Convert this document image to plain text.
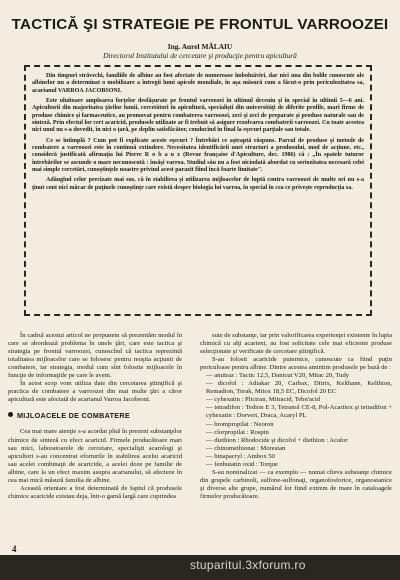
TACTICĂ ŞI STRATEGIE PE FRONTUL VARROOZEI
Ing. Aurel MĂLAIU
Directorul Institutului de cercetare şi producţie pentru apicultură

Din timpuri străvechi, familiile de albine au fost afectate de numeroase îmbolnăviri, dar nici una din bolile cunoscute ale albinelor nu a determinat o mobilizare a întregii lumi apicole mondiale, în aşa măsură cum a făcut-o prin periculozitatea sa, acarianul VARROA JACOBSONI.

Este uluitoare amploarea forţelor desfăşurate pe frontul varroozei în ultimul deceniu şi în special în ultimii 5—6 ani. Apicultorii din majoritatea ţărilor lumii, cercetători în apicultură, specialişti din universităţi de diferite profile, mari firme de produse chimice şi farmaceutice, au promovat pentru combaterea varroozei, zeci şi zeci de preparate şi produse naturale sau de sinteză. Prin efectul lor cert acaricid, produsele utilizate ar fi trebuit să asigure rezolvarea combaterii varroozei. Cu toate acestea nici unul nu s-a dovedit, în nici o ţară, pe deplin satisfăcător, conducînd în final la eşecuri parţiale sau totale.

Ce se întîmplă ? Cum pot fi explicate aceste eşecuri ? Întrebări ce aşteaptă răspuns. Parcul de produse şi metode de combatere a varroozei este în continuă extindere. Necesitatea identificării unei structuri a produsului, mod de acţiune, etc., consideră justificată afirmaţia lui Pierre R o b a u x (Revue française d'Apiculture, dec. 1986) că : „În spatele tuturor întrebărilor se ascunde o mare necunoscută : însăşi varroa. Studiul său nu a fost niciodată abordat cu seriozitatea necesară celei mai simple cercetări, cunoştinţele noastre privind acest parazit fiind încă foarte limitate".

Adăugînd celor precizate mai sus, că în stabilirea şi utilizarea mijloacelor de luptă contra varroozei de multe ori nu s-a ţinut cont nici măcar de puţinele cunoştinţe care există despre biologia lui varroa, în special în cea ce priveşte reproducţia sa.

În cadrul acestui articol ne propunem să prezentăm modul în care se abordează problema în unele ţări, care este tactica şi strategia pe frontul varroozei, cunoscînd că tactica reprezintă totalitatea mijloacelor care se folosesc pentru reuşita acţiunii de combatere, iar strategia, modul cum sînt folosite mijloacele în funcţie de informaţiile pe care le avem.

În acest scop vom utiliza date din cercetarea ştiinţifică şi practica de combatere a varroozei din mai multe ţări a căror apicultură este afectată de acarianul Varroa Jacobsoni.

MIJLOACELE DE COMBATERE

Cea mai mare atenţie s-a acordat pînă în prezent substanţelor chimice de sinteză cu efect acaricid. Firmele producătoare mari sau mici, laboratoarele de cercetare, specialişti acarologi şi apicultori s-au concentrat eforturile în stabilirea acelui acaricid sau acelei combinaţii de acaricide, a acelei doze pe familie de albine, care la un efect maxim asupra acarianului, să afecteze în cea mai mică măsură familia de albine.

Această orientare a fost determinată de faptul că produsele chimice acaricide existau deja, într-o gamă largă care cuprindea

sute de substanţe, iar prin valorificarea experienţei existente în lupta chimică cu alţi acarieni, au fost solicitate cele mai eficiente produse selecţionate şi verificate de cercetare ştiinţifică.

S-au folosit acaricide puternice, cunoscute ca fiind puţin periculoase pentru albine. Dintre acestea amintim produsele pe bază de :

— amitraz : Tactic 12,5, Danicut V20, Mitac 20, Tudy
— dicofol : Adiakar 20, Carbax, Ditrix, Kelthane, Kelthion, Remadion, Torak, Mitox 18,5 EC, Dicofol 20 EC
— cyhexatin : Plictran, Mitracid, Tebn'acid
— tetradifon : Tedion E 3, Tetranol CE-8, Pol-Acaritox şi tetradifon + cyhexatin : Dorvert, Draca, Acaryl PL
— brompropilat : Neoron
— clorpropilat : Rospin
— diethion : Rhodocide şi dicofol + diethion : Acafor
— chinomethionat : Morestan
— binapacryl : Ambox 50
— fenbutatin oxid : Torque

S-au nominalizat — ca exemplu — numai cîteva substanţe chimice din grupele carbinoli, sulfone-sulfonaţi, organofosforice, organostanice şi diverse alte grupe, numărul lor fiind extrem de mare în cataloagele firmelor producătoare.

4
stuparitul.3xforum.ro
